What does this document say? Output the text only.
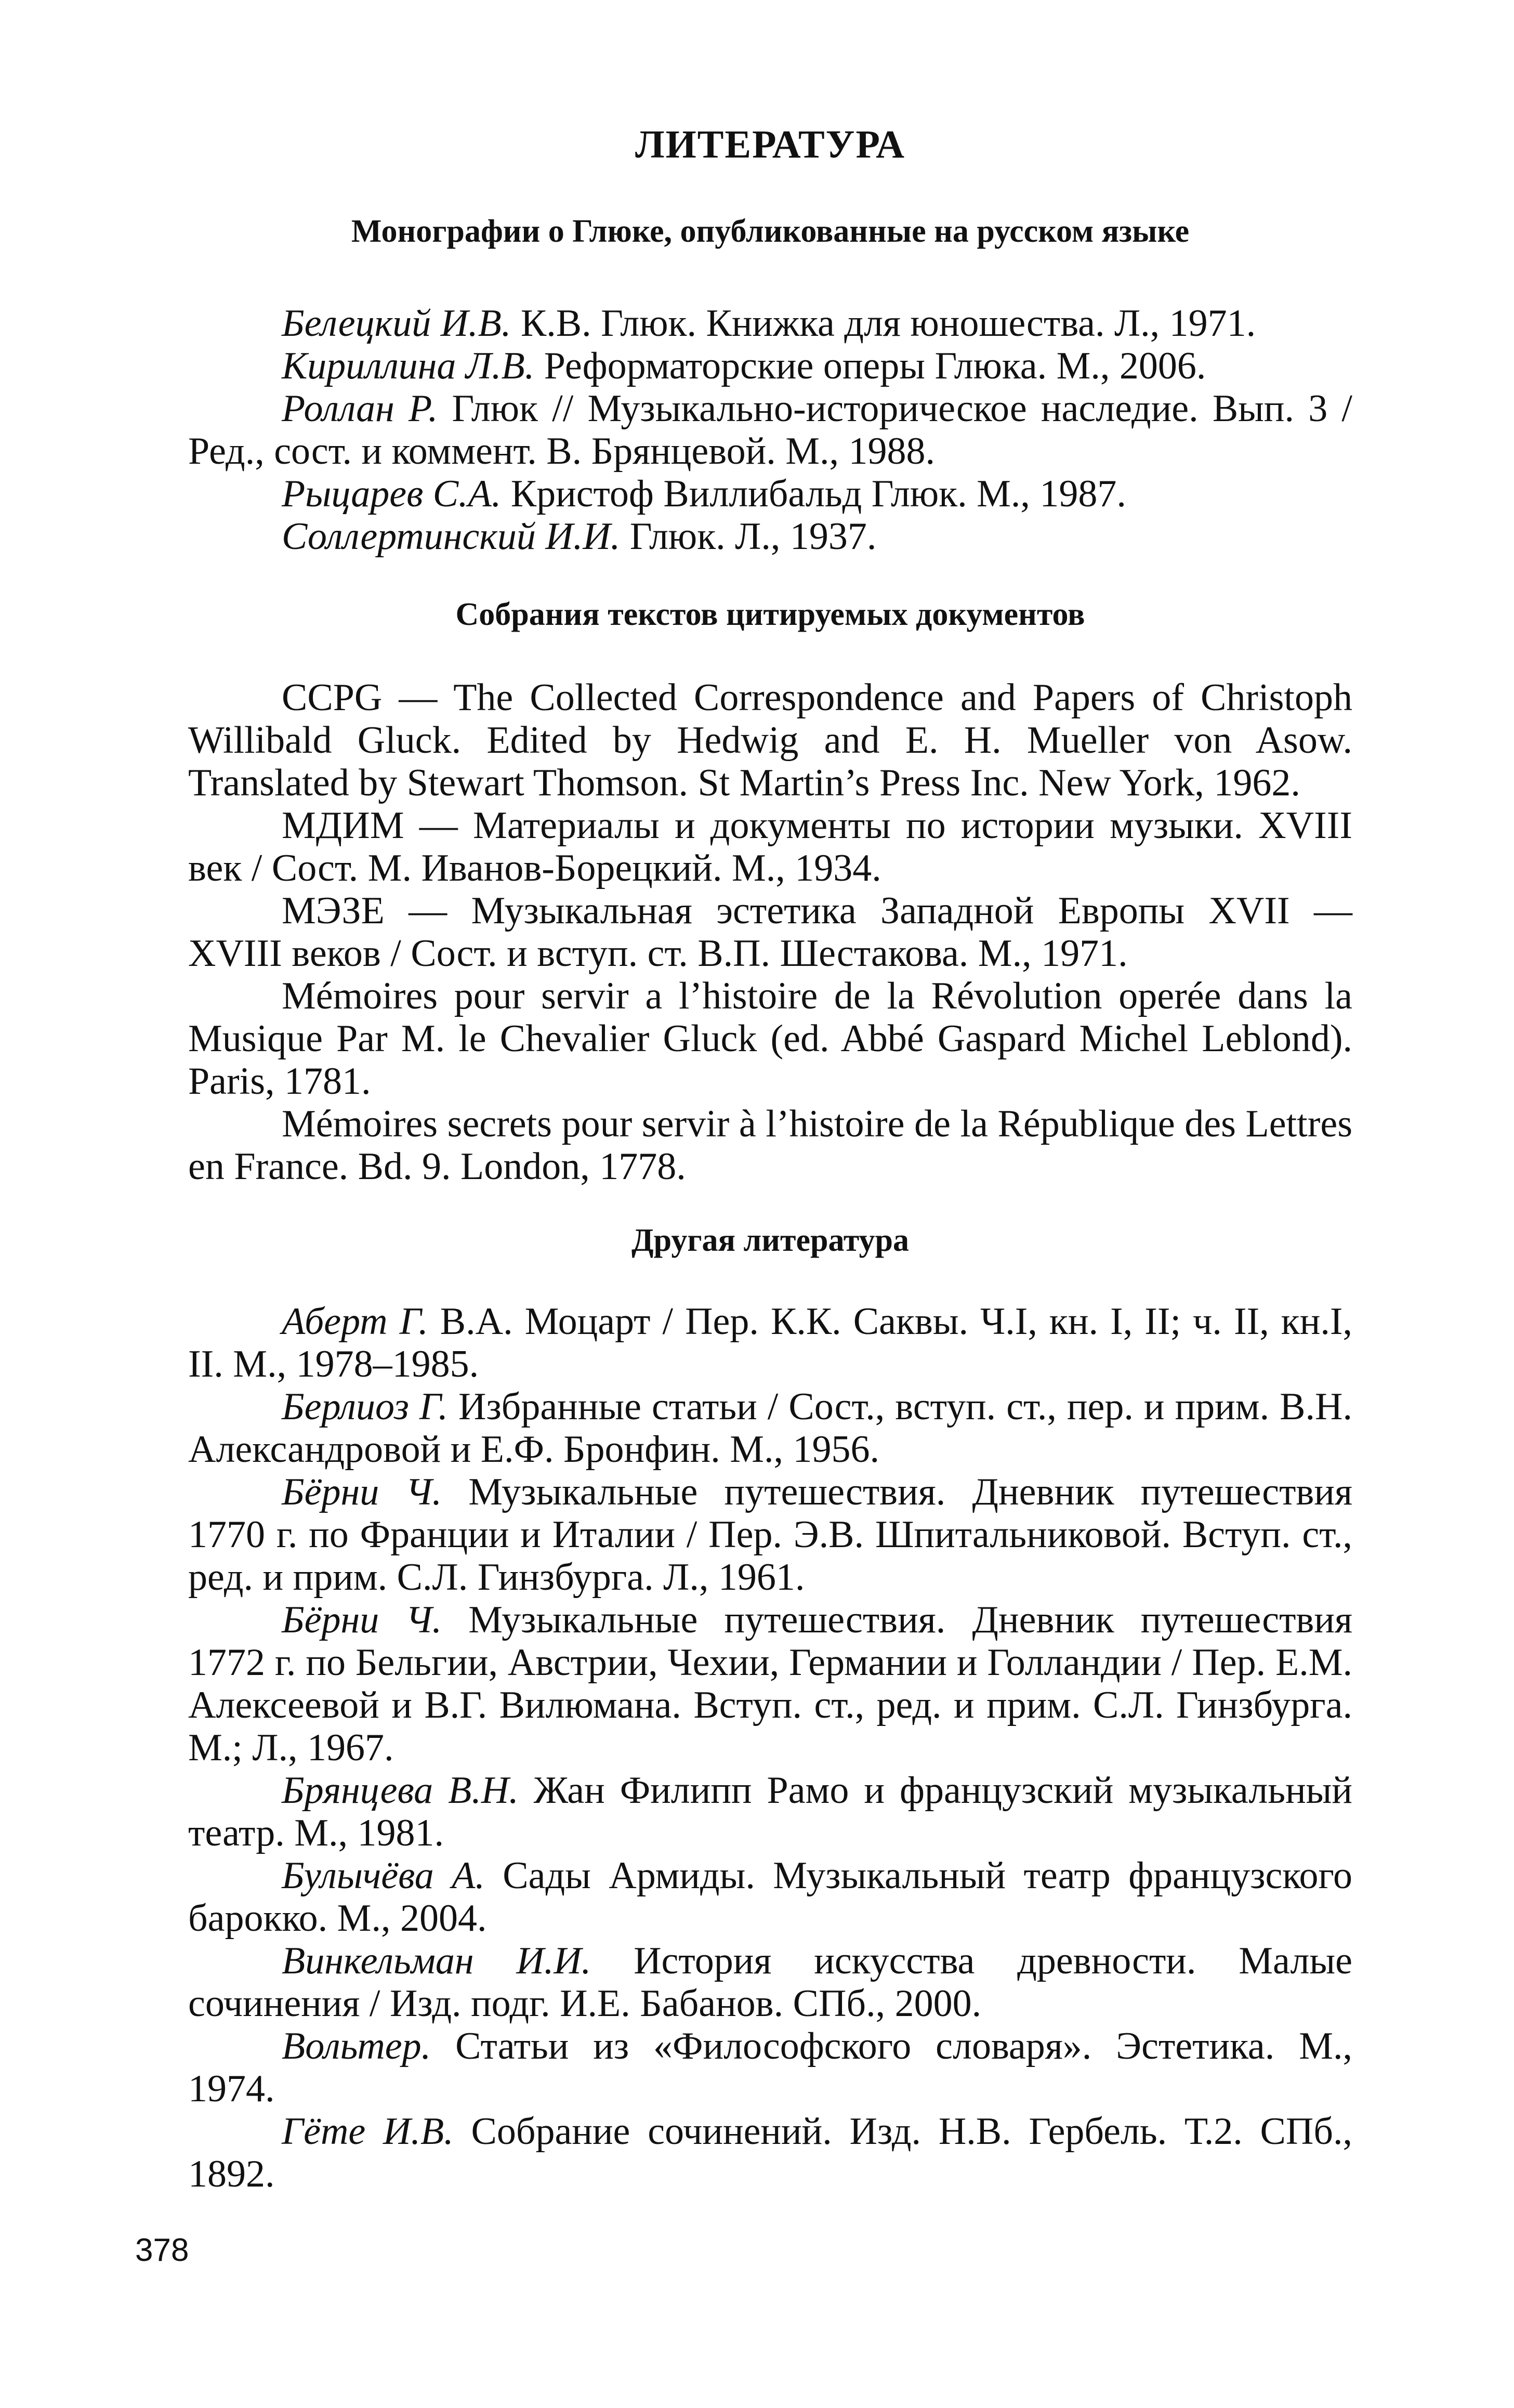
ЛИТЕРАТУРА
Монографии о Глюке, опубликованные на русском языке

Белецкий И.В. К.В. Глюк. Книжка для юношества. Л., 1971.

Кириллина Л.В. Реформаторские оперы Глюка. М., 2006.

Роллан Р. Глюк // Музыкально-историческое наследие. Вып. 3 / Ред., сост. и коммент. В. Брянцевой. М., 1988.

Рыцарев С.А. Кристоф Виллибальд Глюк. М., 1987.

Соллертинский И.И. Глюк. Л., 1937.

Собрания текстов цитируемых документов

CCPG — The Collected Correspondence and Papers of Christoph Willibald Gluck. Edited by Hedwig and E. H. Mueller von Asow. Translated by Stewart Thomson. St Martin’s Press Inc. New York, 1962.

МДИМ — Материалы и документы по истории музыки. XVIII век / Сост. М. Иванов-Борецкий. М., 1934.

МЭЗЕ — Музыкальная эстетика Западной Европы XVII — XVIII веков / Сост. и вступ. ст. В.П. Шестакова. М., 1971.

Mémoires pour servir a l’histoire de la Révolution operée dans la Musique Par M. le Chevalier Gluck (ed. Abbé Gaspard Michel Leblond). Paris, 1781.

Mémoires secrets pour servir à l’histoire de la République des Lettres en France. Bd. 9. London, 1778.

Другая литература

Аберт Г. В.А. Моцарт / Пер. К.К. Саквы. Ч.I, кн. I, II; ч. II, кн.I, II. М., 1978–1985.

Берлиоз Г. Избранные статьи / Сост., вступ. ст., пер. и прим. В.Н. Александровой и Е.Ф. Бронфин. М., 1956.

Бёрни Ч. Музыкальные путешествия. Дневник путешествия 1770 г. по Франции и Италии / Пер. Э.В. Шпитальниковой. Вступ. ст., ред. и прим. С.Л. Гинзбурга. Л., 1961.

Бёрни Ч. Музыкальные путешествия. Дневник путешествия 1772 г. по Бельгии, Австрии, Чехии, Германии и Голландии / Пер. Е.М. Алексеевой и В.Г. Вилюмана. Вступ. ст., ред. и прим. С.Л. Гинзбурга. М.; Л., 1967.

Брянцева В.Н. Жан Филипп Рамо и французский музыкальный театр. М., 1981.

Булычёва А. Сады Армиды. Музыкальный театр французского барокко. М., 2004.

Винкельман И.И. История искусства древности. Малые сочинения / Изд. подг. И.Е. Бабанов. СПб., 2000.

Вольтер. Статьи из «Философского словаря». Эстетика. М., 1974.

Гёте И.В. Собрание сочинений. Изд. Н.В. Гербель. Т.2. СПб., 1892.

378
